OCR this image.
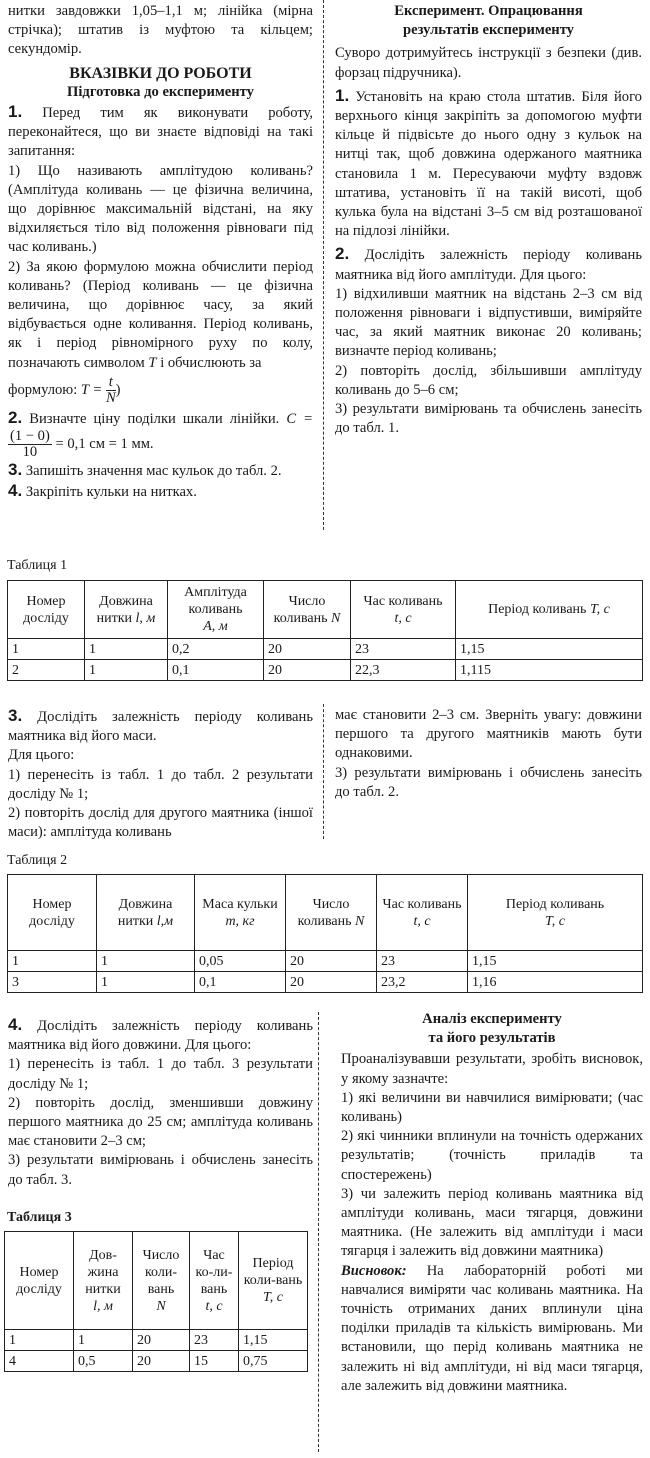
нитки завдовжки 1,05–1,1 м; лінійка (мірна стрічка); штатив із муфтою та кільцем; секундомір.

ВКАЗІВКИ ДО РОБОТИ

Підготовка до експерименту

1. Перед тим як виконувати роботу, переконайтеся, що ви знаєте відповіді на такі запитання:

1) Що називають амплітудою коливань? (Амплітуда коливань — це фізична величина, що дорівнює максимальній відстані, на яку відхиляється тіло від положення рівноваги під час коливань.)

2) За якою формулою можна обчислити період коливань? (Період коливань — це фізична величина, що дорівнює часу, за який відбувається одне коливання. Період коливань, як і період рівномірного руху по колу, позначають символом T і обчислюють за

формулою: $T = \frac{t}{N}$ )

2. Визначте ціну поділки шкали лінійки. C =
$\frac{(1 - 0)}{10} = 0,1$ см = 1 мм.

3. Запишіть значення мас кульок до табл. 2.

4. Закріпіть кульки на нитках.

Експеримент. Опрацювання

результатів експерименту

Суворо дотримуйтесь інструкції з безпеки (див. форзац підручника).

1. Установіть на краю стола штатив. Біля його верхнього кінця закріпіть за допомогою муфти кільце й підвісьте до нього одну з кульок на нитці так, щоб довжина одержаного маятника становила 1 м. Пересуваючи муфту вздовж штатива, установіть її на такій висоті, щоб кулька була на відстані 3–5 см від розташованої на підлозі лінійки.

2. Дослідіть залежність періоду коливань маятника від його амплітуди. Для цього:

1) відхиливши маятник на відстань 2–3 см від положення рівноваги і відпустивши, виміряйте час, за який маятник виконає 20 коливань; визначте період коливань;

2) повторіть дослід, збільшивши амплітуду коливань до 5–6 см;

3) результати вимірювань та обчислень занесіть до табл. 1.

Таблиця 1
Номер дослідy	Довжина нитки l, м	Амплітуда коливань
A, м	Число коливань N	Час коливань
t, с	Період коливань T, с
1	1	0,2	20	23	1,15
2	1	0,1	20	22,3	1,115

3. Дослідіть залежність періоду коливань маятника від його маси.

Для цього:

1) перенесіть із табл. 1 до табл. 2 результати досліду № 1;

2) повторіть дослід для другого маятника (іншої маси): амплітуда коливань

має становити 2–3 см. Зверніть увагу: довжини першого та другого маятників мають бути однаковими.

3) результати вимірювань і обчислень занесіть до табл. 2.

Таблиця 2
Номер досліду	Довжина нитки l,м	Маса кульки
m, кг	Число коливань N	Час коливань
t, с	Період коливань
T, с
1	1	0,05	20	23	1,15
3	1	0,1	20	23,2	1,16

4. Дослідіть залежність періоду коливань маятника від його довжини. Для цього:

1) перенесіть із табл. 1 до табл. 3 результати досліду № 1;

2) повторіть дослід, зменшивши довжину першого маятника до 25 см; амплітуда коливань має становити 2–3 см;

3) результати вимірювань і обчислень занесіть до табл. 3.

Таблиця 3
Номер досліду	Дов-жина нитки
l, м	Число коли-вань
N	Час ко-ли-вань
t, с	Період коли-вань
T, с
1	1	20	23	1,15
4	0,5	20	15	0,75

Аналіз експерименту

та його результатів

Проаналізувавши результати, зробіть висновок, у якому зазначте:

1) які величини ви навчилися вимірювати; (час коливань)

2) які чинники вплинули на точність одержаних результатів; (точність приладів та спостережень)

3) чи залежить період коливань маятника від амплітуди коливань, маси тягарця, довжини маятника. (Не залежить від амплітуди і маси тягарця і залежить від довжини маятника)

Висновок: На лабораторній роботі ми навчалися виміряти час коливань маятника. На точність отриманих даних вплинули ціна поділки приладів та кількість вимірювань. Ми встановили, що перід коливань маятника не залежить ні від амплітуди, ні від маси тягарця, але залежить від довжини маятника.
